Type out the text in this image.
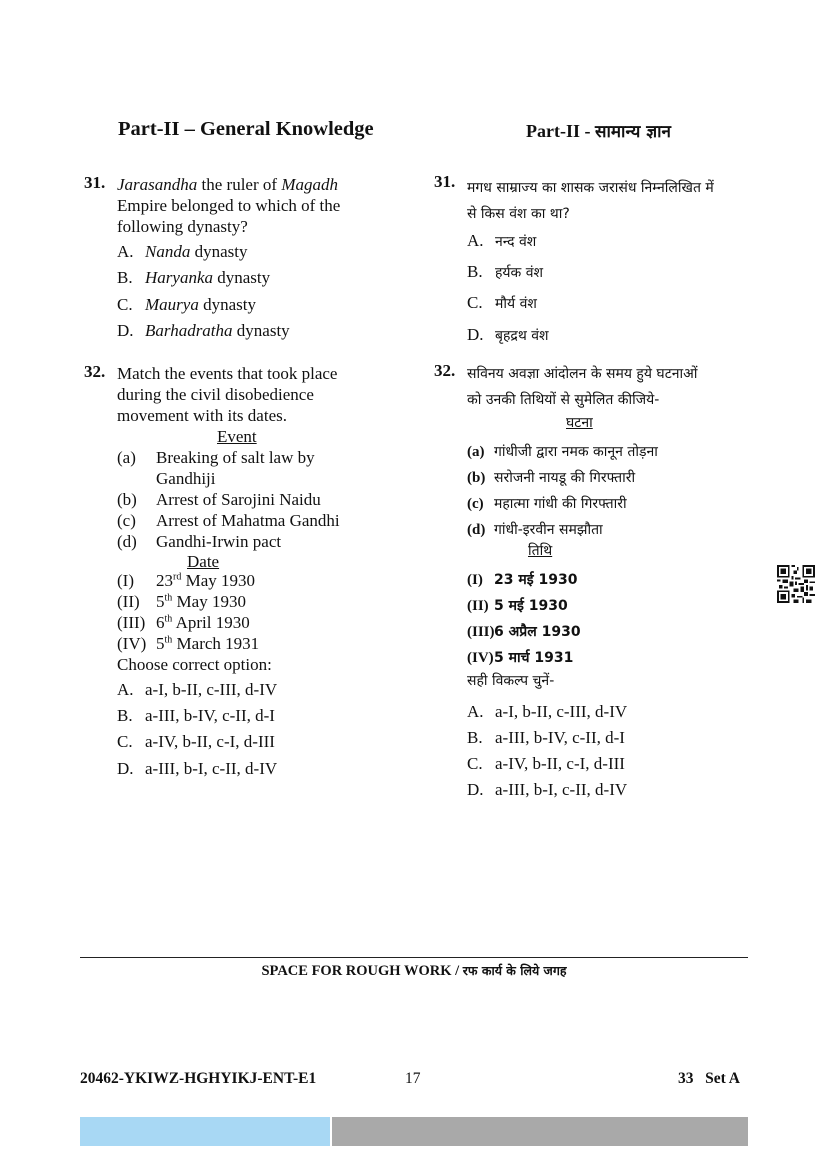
Part-II – General Knowledge	Part-II - सामान्य ज्ञान
31. Jarasandha the ruler of Magadh
Empire belonged to which of the
following dynasty?
A. Nanda dynasty
B. Haryanka dynasty
C. Maurya dynasty
D. Barhadratha dynasty
31. मगध साम्राज्य का शासक जरासंध निम्नलिखित में
से किस वंश का था?
A. नन्द वंश
B. हर्यक वंश
C. मौर्य वंश
D. बृहद्रथ वंश
32. Match the events that took place
during the civil disobedience
movement with its dates.
Event
(a) Breaking of salt law by
Gandhiji
(b) Arrest of Sarojini Naidu
(c) Arrest of Mahatma Gandhi
(d) Gandhi-Irwin pact
Date
(I) 23rd May 1930
(II) 5th May 1930
(III) 6th April 1930
(IV) 5th March 1931
Choose correct option:
A. a-I, b-II, c-III, d-IV
B. a-III, b-IV, c-II, d-I
C. a-IV, b-II, c-I, d-III
D. a-III, b-I, c-II, d-IV
32. सविनय अवज्ञा आंदोलन के समय हुये घटनाओं
को उनकी तिथियों से सुमेलित कीजिये-
घटना
(a) गांधीजी द्वारा नमक कानून तोड़ना
(b) सरोजनी नायडू की गिरफ्तारी
(c) महात्मा गांधी की गिरफ्तारी
(d) गांधी-इरवीन समझौता
तिथि
(I) 23 मई 1930
(II) 5 मई 1930
(III)6 अप्रैल 1930
(IV)5 मार्च 1931
सही विकल्प चुनें-
A. a-I, b-II, c-III, d-IV
B. a-III, b-IV, c-II, d-I
C. a-IV, b-II, c-I, d-III
D. a-III, b-I, c-II, d-IV
SPACE FOR ROUGH WORK / रफ कार्य के लिये जगह
20462-YKIWZ-HGHYIKJ-ENT-E1	17	33 Set A
